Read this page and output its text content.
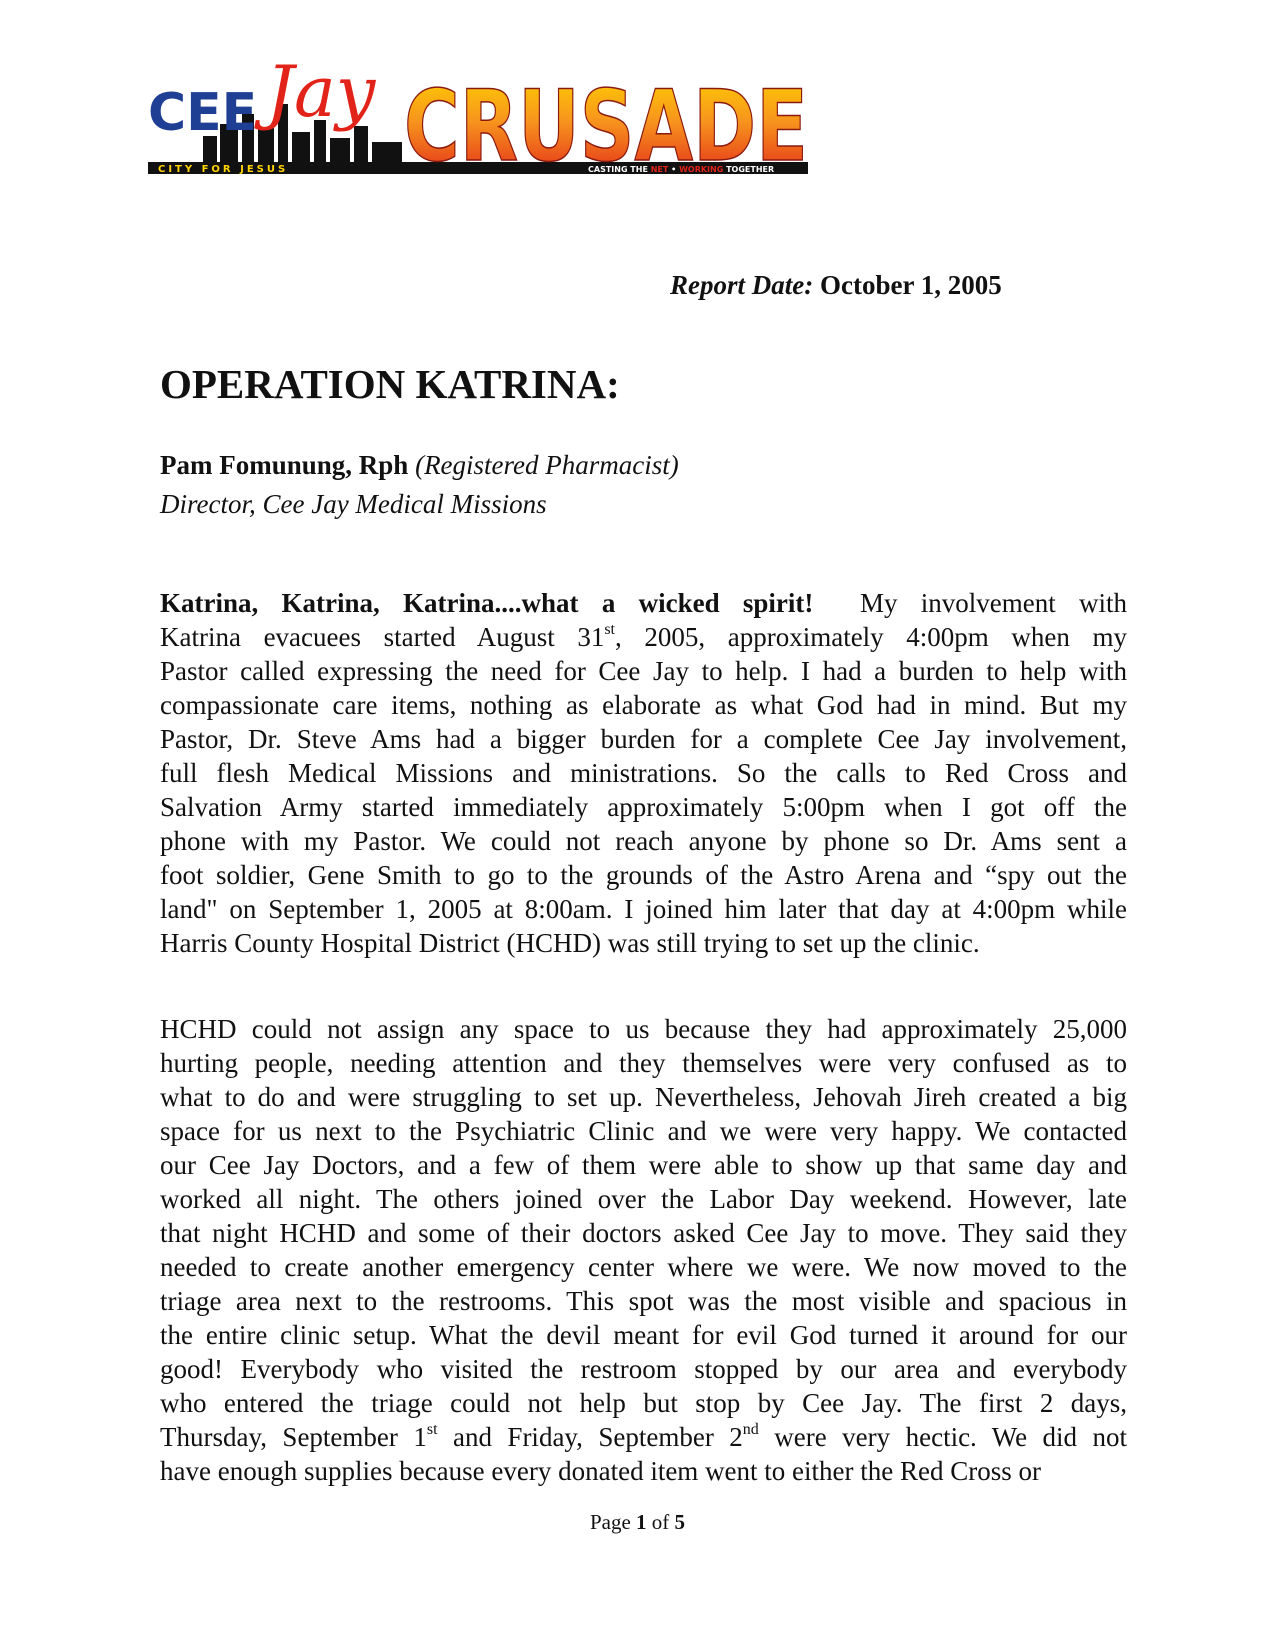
CEE Jay CRUSADE
CITY FOR JESUS	CASTING THE NET • WORKING TOGETHER
Report Date: October 1, 2005
OPERATION KATRINA:
Pam Fomunung, Rph (Registered Pharmacist)
Director, Cee Jay Medical Missions
Katrina, Katrina, Katrina....what a wicked spirit! My involvement with
Katrina evacuees started August 31st, 2005, approximately 4:00pm when my
Pastor called expressing the need for Cee Jay to help. I had a burden to help with
compassionate care items, nothing as elaborate as what God had in mind. But my
Pastor, Dr. Steve Ams had a bigger burden for a complete Cee Jay involvement,
full flesh Medical Missions and ministrations. So the calls to Red Cross and
Salvation Army started immediately approximately 5:00pm when I got off the
phone with my Pastor. We could not reach anyone by phone so Dr. Ams sent a
foot soldier, Gene Smith to go to the grounds of the Astro Arena and “spy out the
land" on September 1, 2005 at 8:00am. I joined him later that day at 4:00pm while
Harris County Hospital District (HCHD) was still trying to set up the clinic.
HCHD could not assign any space to us because they had approximately 25,000
hurting people, needing attention and they themselves were very confused as to
what to do and were struggling to set up. Nevertheless, Jehovah Jireh created a big
space for us next to the Psychiatric Clinic and we were very happy. We contacted
our Cee Jay Doctors, and a few of them were able to show up that same day and
worked all night. The others joined over the Labor Day weekend. However, late
that night HCHD and some of their doctors asked Cee Jay to move. They said they
needed to create another emergency center where we were. We now moved to the
triage area next to the restrooms. This spot was the most visible and spacious in
the entire clinic setup. What the devil meant for evil God turned it around for our
good! Everybody who visited the restroom stopped by our area and everybody
who entered the triage could not help but stop by Cee Jay. The first 2 days,
Thursday, September 1st and Friday, September 2nd were very hectic. We did not
have enough supplies because every donated item went to either the Red Cross or
Page 1 of 5
